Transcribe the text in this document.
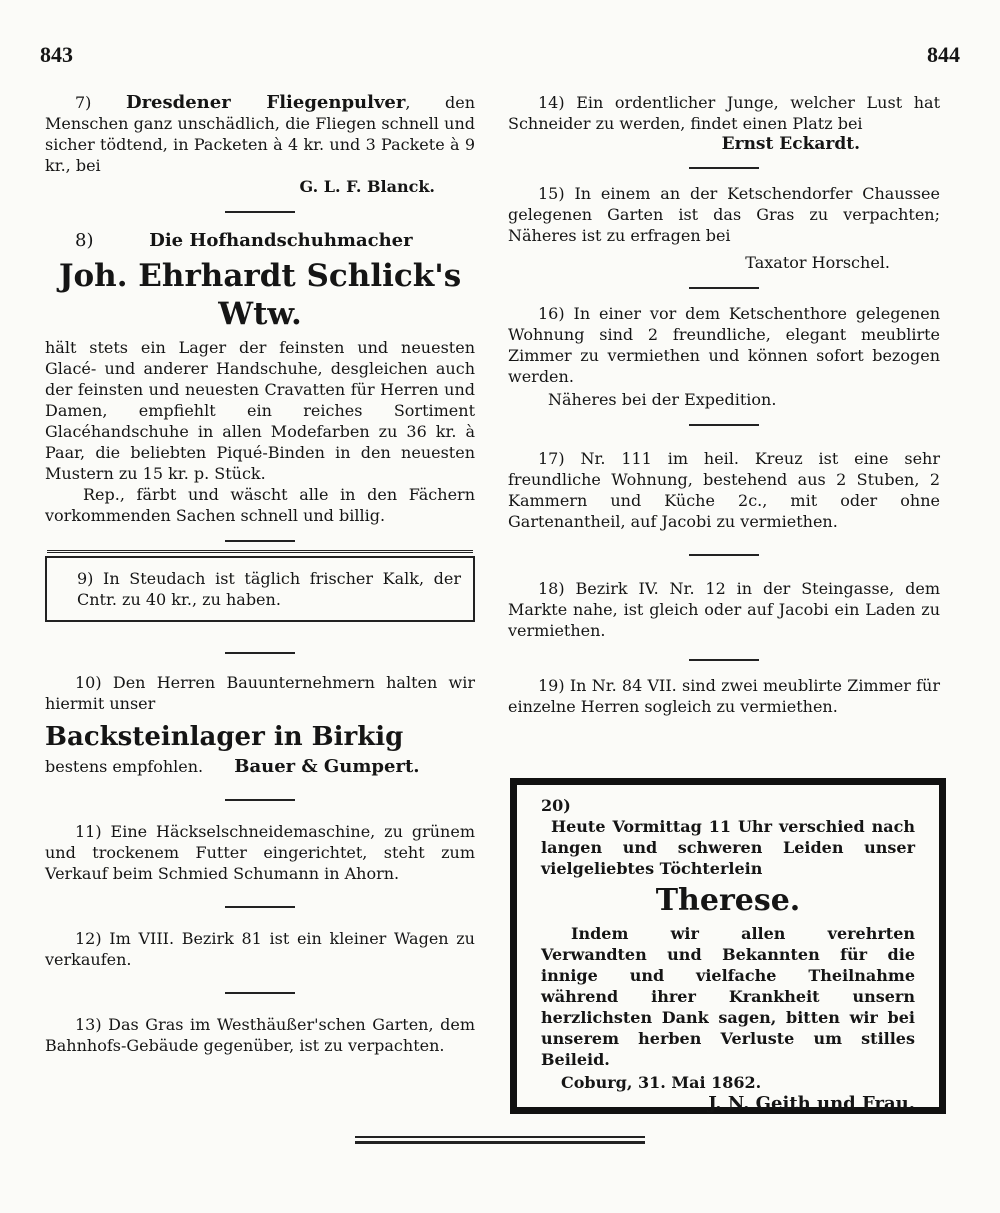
843	844

7) Dresdener Fliegenpulver, den Menschen ganz unschädlich, die Fliegen schnell und sicher tödtend, in Packeten à 4 kr. und 3 Packete à 9 kr., bei

G. L. F. Blanck.

8)	Die Hofhandschuhmacher

Joh. Ehrhardt Schlick's Wtw.

hält stets ein Lager der feinsten und neuesten Glacé- und anderer Handschuhe, desgleichen auch der feinsten und neuesten Cravatten für Herren und Damen, empfiehlt ein reiches Sortiment Glacéhandschuhe in allen Modefarben zu 36 kr. à Paar, die beliebten Piqué-Binden in den neuesten Mustern zu 15 kr. p. Stück.

Rep., färbt und wäscht alle in den Fächern vorkommenden Sachen schnell und billig.

9) In Steudach ist täglich frischer Kalk, der Cntr. zu 40 kr., zu haben.

10) Den Herren Bauunternehmern halten wir hiermit unser

Backsteinlager in Birkig

bestens empfohlen. Bauer & Gumpert.

11) Eine Häckselschneidemaschine, zu grünem und trockenem Futter eingerichtet, steht zum Verkauf beim Schmied Schumann in Ahorn.

12) Im VIII. Bezirk 81 ist ein kleiner Wagen zu verkaufen.

13) Das Gras im Westhäußer'schen Garten, dem Bahnhofs-Gebäude gegenüber, ist zu verpachten.

14) Ein ordentlicher Junge, welcher Lust hat Schneider zu werden, findet einen Platz bei

Ernst Eckardt.

15) In einem an der Ketschendorfer Chaussee gelegenen Garten ist das Gras zu verpachten; Näheres ist zu erfragen bei

Taxator Horschel.

16) In einer vor dem Ketschenthore gelegenen Wohnung sind 2 freundliche, elegant meublirte Zimmer zu vermiethen und können sofort bezogen werden.

Näheres bei der Expedition.

17) Nr. 111 im heil. Kreuz ist eine sehr freundliche Wohnung, bestehend aus 2 Stuben, 2 Kammern und Küche 2c., mit oder ohne Gartenantheil, auf Jacobi zu vermiethen.

18) Bezirk IV. Nr. 12 in der Steingasse, dem Markte nahe, ist gleich oder auf Jacobi ein Laden zu vermiethen.

19) In Nr. 84 VII. sind zwei meublirte Zimmer für einzelne Herren sogleich zu vermiethen.

20)

Heute Vormittag 11 Uhr verschied nach langen und schweren Leiden unser vielgeliebtes Töchterlein

Therese.

Indem wir allen verehrten Verwandten und Bekannten für die innige und vielfache Theilnahme während ihrer Krankheit unsern herzlichsten Dank sagen, bitten wir bei unserem herben Verluste um stilles Beileid.

Coburg, 31. Mai 1862.

J. N. Geith und Frau.
